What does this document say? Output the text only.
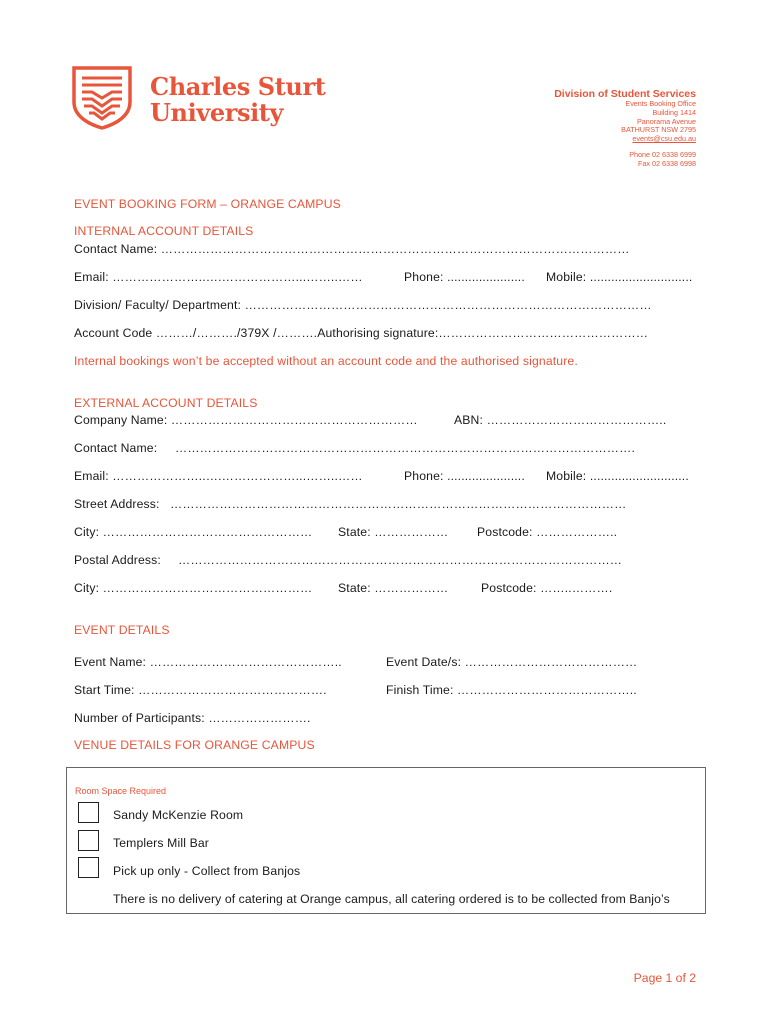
Charles Sturt
University
Division of Student Services
Events Booking Office
Building 1414
Panorama Avenue
BATHURST NSW 2795
events@csu.edu.au
Phone 02 6338 6999
Fax 02 6338 6998
EVENT BOOKING FORM – ORANGE CAMPUS
INTERNAL ACCOUNT DETAILS
Contact Name: ……………………………………………………………………………………………………
Email: …………………..….………………...……..……	Phone: ...................... Mobile: .............................
Division/ Faculty/ Department: ………………………………………………………………………………………
Account Code ………/………./379X /……….Authorising signature:……………………………………………
Internal bookings won’t be accepted without an account code and the authorised signature.
EXTERNAL ACCOUNT DETAILS
Company Name: ……………………………………………………	ABN: ……………………………………..
Contact Name: ………………………………………………………………………………………………….
Email: …………………..….………………...……..……	Phone: ...................... Mobile: ............................
Street Address: …………………………………………………………………………………………………
City: …………………………………………… State: ……………… Postcode: ………………..
Postal Address: ………………………………………………………………………………………………
City: …………………………………………… State: ………………	Postcode: ……..……….
EVENT DETAILS
Event Name: ………………………………………..	Event Date/s: ……………………………………
Start Time: ……………………………………….	Finish Time: ……………………………………..
Number of Participants: …………………….
VENUE DETAILS FOR ORANGE CAMPUS
Room Space Required
Sandy McKenzie Room
Templers Mill Bar
Pick up only - Collect from Banjos
There is no delivery of catering at Orange campus, all catering ordered is to be collected from Banjo’s
Page 1 of 2
